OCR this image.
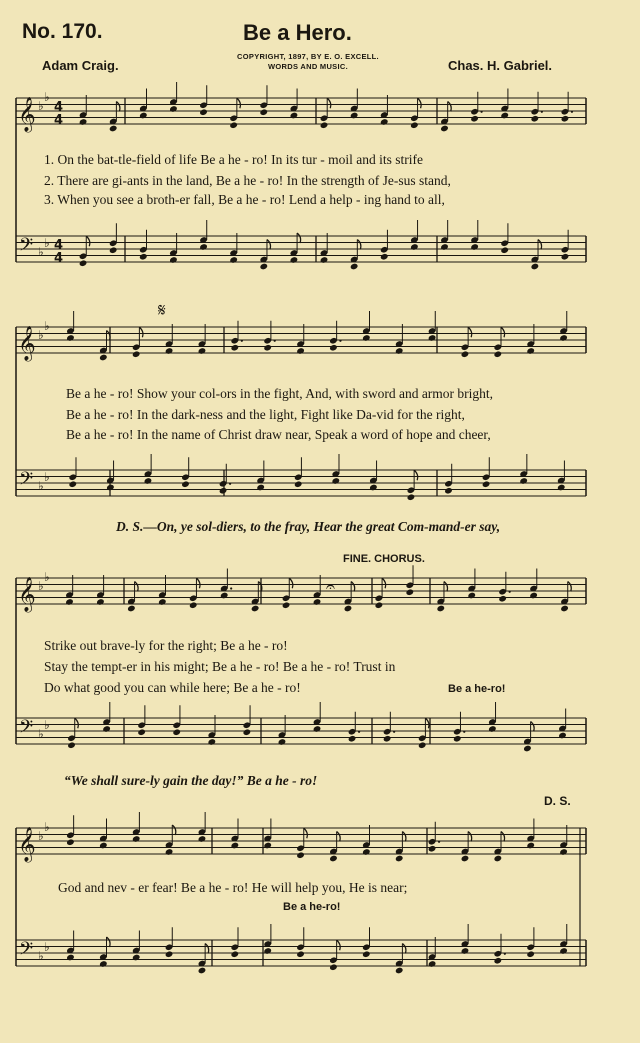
No. 170.	Be a Hero.
Adam Craig.
COPYRIGHT, 1897, BY E. O. EXCELL.
WORDS AND MUSIC.	Chas. H. Gabriel.
𝄞
𝄢
♭
♭
♭
♭
4
4
4
4
𝄞
𝄢
♭
♭
♭
♭
𝄞
𝄢
♭
♭
♭
♭
𝄞
𝄢
♭
♭
♭
♭
𝄋
𝄐
1. On the bat-tle-field of life Be a he - ro! In its tur - moil and its strife
2. There are gi-ants in the land, Be a he - ro! In the strength of Je-sus stand,
3. When you see a broth-er fall, Be a he - ro! Lend a help - ing hand to all,
Be a he - ro! Show your col-ors in the fight, And, with sword and armor bright,
Be a he - ro! In the dark-ness and the light, Fight like Da-vid for the right,
Be a he - ro! In the name of Christ draw near, Speak a word of hope and cheer,
D. S.—On, ye sol-diers, to the fray, Hear the great Com-mand-er say,
FINE. CHORUS.
Strike out brave-ly for the right; Be a he - ro!
Stay the tempt-er in his might; Be a he - ro! Be a he - ro! Trust in
Do what good you can while here; Be a he - ro!	Be a he-ro!
“We shall sure-ly gain the day!” Be a he - ro!
D. S.
God and nev - er fear! Be a he - ro! He will help you, He is near;
Be a he-ro!
